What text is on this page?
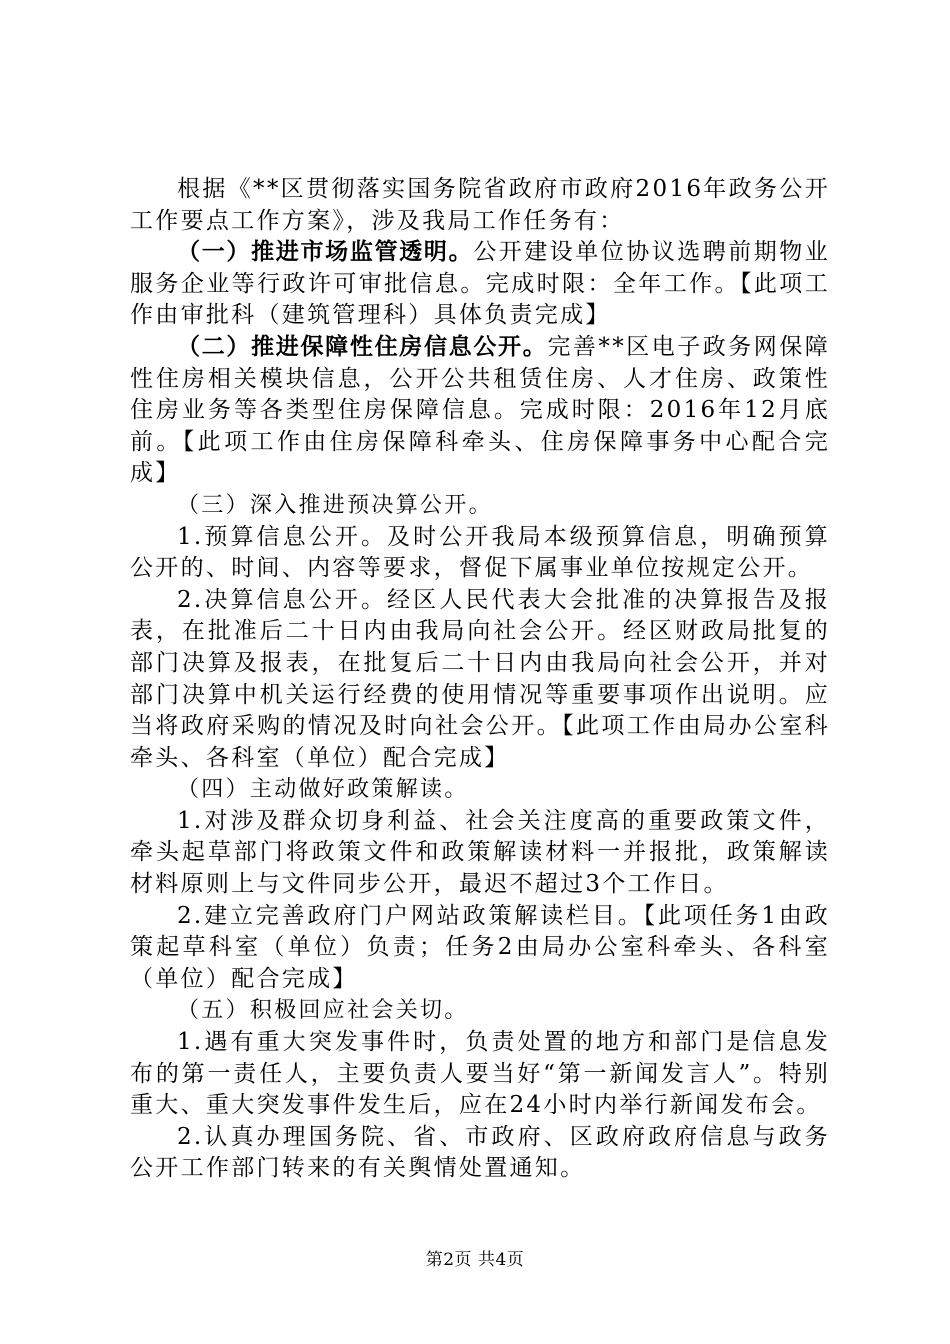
根据《**区贯彻落实国务院省政府市政府2016年政务公开工作要点工作方案》，涉及我局工作任务有：

（一）推进市场监管透明。公开建设单位协议选聘前期物业服务企业等行政许可审批信息。完成时限：全年工作。【此项工作由审批科（建筑管理科）具体负责完成】

（二）推进保障性住房信息公开。完善**区电子政务网保障性住房相关模块信息，公开公共租赁住房、人才住房、政策性住房业务等各类型住房保障信息。完成时限：2016年12月底前。【此项工作由住房保障科牵头、住房保障事务中心配合完成】

（三）深入推进预决算公开。

1.预算信息公开。及时公开我局本级预算信息，明确预算公开的、时间、内容等要求，督促下属事业单位按规定公开。

2.决算信息公开。经区人民代表大会批准的决算报告及报表，在批准后二十日内由我局向社会公开。经区财政局批复的部门决算及报表，在批复后二十日内由我局向社会公开，并对部门决算中机关运行经费的使用情况等重要事项作出说明。应当将政府采购的情况及时向社会公开。【此项工作由局办公室科牵头、各科室（单位）配合完成】

（四）主动做好政策解读。

1.对涉及群众切身利益、社会关注度高的重要政策文件，牵头起草部门将政策文件和政策解读材料一并报批，政策解读材料原则上与文件同步公开，最迟不超过3个工作日。

2.建立完善政府门户网站政策解读栏目。【此项任务1由政策起草科室（单位）负责；任务2由局办公室科牵头、各科室（单位）配合完成】

（五）积极回应社会关切。

1.遇有重大突发事件时，负责处置的地方和部门是信息发布的第一责任人，主要负责人要当好“第一新闻发言人”。特别重大、重大突发事件发生后，应在24小时内举行新闻发布会。

2.认真办理国务院、省、市政府、区政府政府信息与政务公开工作部门转来的有关舆情处置通知。

第2页 共4页
